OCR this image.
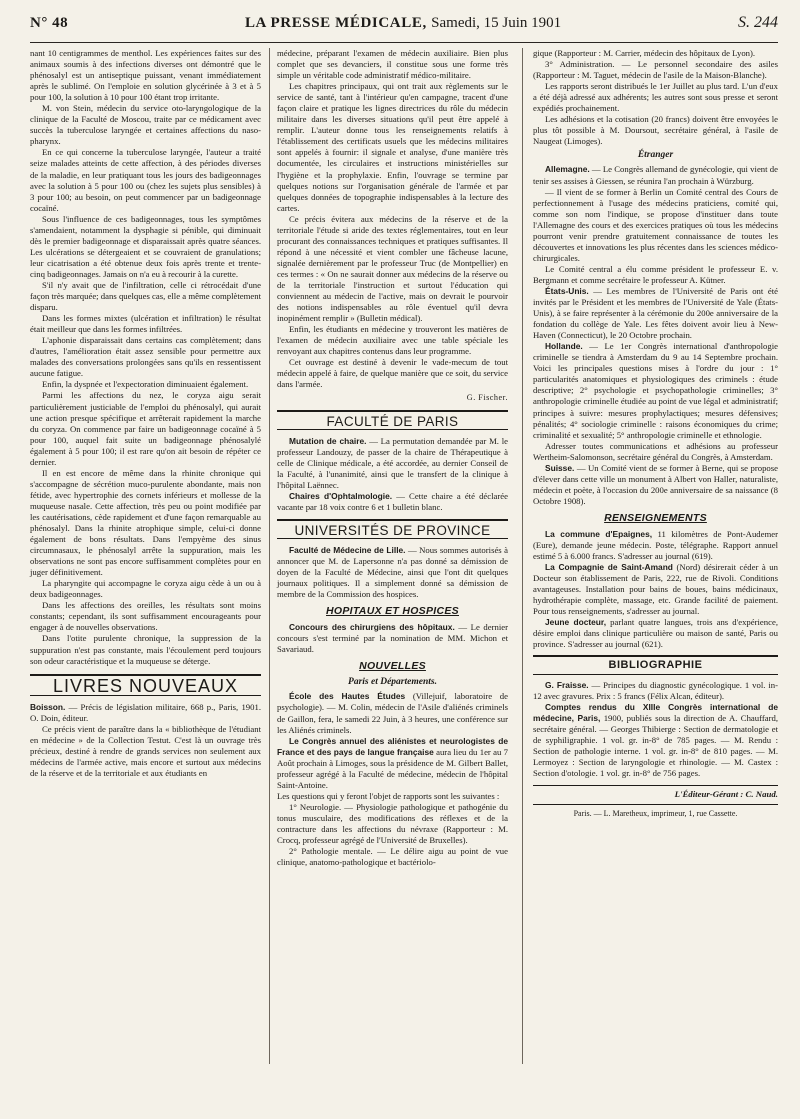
N° 48	LA PRESSE MÉDICALE, Samedi, 15 Juin 1901	S. 244

nant 10 centigrammes de menthol. Les expériences faites sur des animaux soumis à des infections diverses ont démontré que le phénosalyl est un antiseptique puissant, venant immédiatement après le sublimé. On l'emploie en solution glycérinée à 3 et à 5 pour 100, la solution à 10 pour 100 étant trop irritante.

M. von Stein, médecin du service oto-laryngologique de la clinique de la Faculté de Moscou, traite par ce médicament avec succès la tuberculose laryngée et certaines affections du naso-pharynx.

En ce qui concerne la tuberculose laryngée, l'auteur a traité seize malades atteints de cette affection, à des périodes diverses de la maladie, en leur pratiquant tous les jours des badigeonnages avec la solution à 5 pour 100 ou (chez les sujets plus sensibles) à 3 pour 100; au besoin, on peut commencer par un badigeonnage cocaïné.

Sous l'influence de ces badigeonnages, tous les symptômes s'amendaient, notamment la dysphagie si pénible, qui diminuait dès le premier badigeonnage et disparaissait après quatre séances. Les ulcérations se détergeaient et se couvraient de granulations; leur cicatrisation a été obtenue deux fois après trente et trente-cinq badigeonnages. Jamais on n'a eu à recourir à la curette.

S'il n'y avait que de l'infiltration, celle ci rétrocédait d'une façon très marquée; dans quelques cas, elle a même complètement disparu.

Dans les formes mixtes (ulcération et infiltration) le résultat était meilleur que dans les formes infiltrées.

L'aphonie disparaissait dans certains cas complètement; dans d'autres, l'amélioration était assez sensible pour permettre aux malades des conversations prolongées sans qu'ils en ressentissent aucune fatigue.

Enfin, la dyspnée et l'expectoration diminuaient également.

Parmi les affections du nez, le coryza aigu serait particulièrement justiciable de l'emploi du phénosalyl, qui aurait une action presque spécifique et arrêterait rapidement la marche du coryza. On commence par faire un badigeonnage cocaïné à 5 pour 100, auquel fait suite un badigeonnage phénosalylé également à 5 pour 100; il est rare qu'on ait besoin de répéter ce dernier.

Il en est encore de même dans la rhinite chronique qui s'accompagne de sécrétion muco-purulente abondante, mais non fétide, avec hypertrophie des cornets inférieurs et mollesse de la muqueuse nasale. Cette affection, très peu ou point modifiée par les cautérisations, cède rapidement et d'une façon remarquable au phénosalyl. Dans la rhinite atrophique simple, celui-ci donne également de bons résultats. Dans l'empyème des sinus circumnasaux, le phénosalyl arrête la suppuration, mais les observations ne sont pas encore suffisamment complètes pour en juger définitivement.

La pharyngite qui accompagne le coryza aigu cède à un ou à deux badigeonnages.

Dans les affections des oreilles, les résultats sont moins constants; cependant, ils sont suffisamment encourageants pour engager à de nouvelles observations.

Dans l'otite purulente chronique, la suppression de la suppuration n'est pas constante, mais l'écoulement perd toujours son odeur caractéristique et la muqueuse se déterge.

LIVRES NOUVEAUX

Boisson. — Précis de législation militaire, 668 p., Paris, 1901. O. Doin, éditeur.

Ce précis vient de paraître dans la « bibliothèque de l'étudiant en médecine » de la Collection Testut. C'est là un ouvrage très précieux, destiné à rendre de grands services non seulement aux médecins de l'armée active, mais encore et surtout aux médecins de la réserve et de la territoriale et aux étudiants en

médecine, préparant l'examen de médecin auxiliaire. Bien plus complet que ses devanciers, il constitue sous une forme très simple un véritable code administratif médico-militaire.

Les chapitres principaux, qui ont trait aux règlements sur le service de santé, tant à l'intérieur qu'en campagne, tracent d'une façon claire et pratique les lignes directrices du rôle du médecin militaire dans les diverses situations qu'il peut être appelé à remplir. L'auteur donne tous les renseignements relatifs à l'établissement des certificats usuels que les médecins militaires sont appelés à fournir: il signale et analyse, d'une manière très documentée, les circulaires et instructions ministérielles sur l'hygiène et la prophylaxie. Enfin, l'ouvrage se termine par quelques notions sur l'organisation générale de l'armée et par quelques données de topographie indispensables à la lecture des cartes.

Ce précis évitera aux médecins de la réserve et de la territoriale l'étude si aride des textes réglementaires, tout en leur procurant des connaissances techniques et pratiques suffisantes. Il répond à une nécessité et vient combler une fâcheuse lacune, signalée dernièrement par le professeur Truc (de Montpellier) en ces termes : « On ne saurait donner aux médecins de la réserve ou de la territoriale l'instruction et surtout l'éducation qui conviennent au médecin de l'active, mais on devrait le pourvoir des notions indispensables au rôle éventuel qu'il devra inopinément remplir » (Bulletin médical).

Enfin, les étudiants en médecine y trouveront les matières de l'examen de médecin auxiliaire avec une table spéciale les renvoyant aux chapitres contenus dans leur programme.

Cet ouvrage est destiné à devenir le vade-mecum de tout médecin appelé à faire, de quelque manière que ce soit, du service dans l'armée.

G. Fischer.
FACULTÉ DE PARIS

Mutation de chaire. — La permutation demandée par M. le professeur Landouzy, de passer de la chaire de Thérapeutique à celle de Clinique médicale, a été accordée, au dernier Conseil de la Faculté, à l'unanimité, ainsi que le transfert de la clinique à l'hôpital Laënnec.

Chaires d'Ophtalmologie. — Cette chaire a été déclarée vacante par 18 voix contre 6 et 1 bulletin blanc.

UNIVERSITÉS DE PROVINCE

Faculté de Médecine de Lille. — Nous sommes autorisés à annoncer que M. de Lapersonne n'a pas donné sa démission de doyen de la Faculté de Médecine, ainsi que l'ont dit quelques journaux politiques. Il a simplement donné sa démission de membre de la Commission des hospices.

HOPITAUX ET HOSPICES

Concours des chirurgiens des hôpitaux. — Le dernier concours s'est terminé par la nomination de MM. Michon et Savariaud.

NOUVELLES
Paris et Départements.

École des Hautes Études (Villejuif, laboratoire de psychologie). — M. Colin, médecin de l'Asile d'aliénés criminels de Gaillon, fera, le samedi 22 Juin, à 3 heures, une conférence sur les Aliénés criminels.

Le Congrès annuel des aliénistes et neurologistes de France et des pays de langue française aura lieu du 1er au 7 Août prochain à Limoges, sous la présidence de M. Gilbert Ballet, professeur agrégé à la Faculté de médecine, médecin de l'hôpital Saint-Antoine.

Les questions qui y feront l'objet de rapports sont les suivantes :

1° Neurologie. — Physiologie pathologique et pathogénie du tonus musculaire, des modifications des réflexes et de la contracture dans les affections du névraxe (Rapporteur : M. Crocq, professeur agrégé de l'Université de Bruxelles).

2° Pathologie mentale. — Le délire aigu au point de vue clinique, anatomo-pathologique et bactériolo-

gique (Rapporteur : M. Carrier, médecin des hôpitaux de Lyon).

3° Administration. — Le personnel secondaire des asiles (Rapporteur : M. Taguet, médecin de l'asile de la Maison-Blanche).

Les rapports seront distribués le 1er Juillet au plus tard. L'un d'eux a été déjà adressé aux adhérents; les autres sont sous presse et seront expédiés prochainement.

Les adhésions et la cotisation (20 francs) doivent être envoyées le plus tôt possible à M. Doursout, secrétaire général, à l'asile de Naugeat (Limoges).

Étranger

Allemagne. — Le Congrès allemand de gynécologie, qui vient de tenir ses assises à Giessen, se réunira l'an prochain à Würzburg.

— Il vient de se former à Berlin un Comité central des Cours de perfectionnement à l'usage des médecins praticiens, comité qui, comme son nom l'indique, se propose d'instituer dans toute l'Allemagne des cours et des exercices pratiques où tous les médecins pourront venir prendre gratuitement connaissance de toutes les découvertes et innovations les plus récentes dans les sciences médico-chirurgicales.

Le Comité central a élu comme président le professeur E. v. Bergmann et comme secrétaire le professeur A. Kütner.

États-Unis. — Les membres de l'Université de Paris ont été invités par le Président et les membres de l'Université de Yale (États-Unis), à se faire représenter à la cérémonie du 200e anniversaire de la fondation du collège de Yale. Les fêtes doivent avoir lieu à New-Haven (Connecticut), le 20 Octobre prochain.

Hollande. — Le 1er Congrès international d'anthropologie criminelle se tiendra à Amsterdam du 9 au 14 Septembre prochain. Voici les principales questions mises à l'ordre du jour : 1° particularités anatomiques et physiologiques des criminels : étude descriptive; 2° psychologie et psychopathologie criminelles; 3° anthropologie criminelle étudiée au point de vue légal et administratif; principes à suivre: mesures prophylactiques; mesures défensives; pénalités; 4° sociologie criminelle : raisons économiques du crime; criminalité et sexualité; 5° anthropologie criminelle et ethnologie.

Adresser toutes communications et adhésions au professeur Wertheim-Salomonson, secrétaire général du Congrès, à Amsterdam.

Suisse. — Un Comité vient de se former à Berne, qui se propose d'élever dans cette ville un monument à Albert von Haller, naturaliste, médecin et poète, à l'occasion du 200e anniversaire de sa naissance (8 Octobre 1908).

RENSEIGNEMENTS

La commune d'Epaignes, 11 kilomètres de Pont-Audemer (Eure), demande jeune médecin. Poste, télégraphe. Rapport annuel estimé 5 à 6.000 francs. S'adresser au journal (619).

La Compagnie de Saint-Amand (Nord) désirerait céder à un Docteur son établissement de Paris, 222, rue de Rivoli. Conditions avantageuses. Installation pour bains de boues, bains médicinaux, hydrothérapie complète, massage, etc. Grande facilité de paiement. Pour tous renseignements, s'adresser au journal.

Jeune docteur, parlant quatre langues, trois ans d'expérience, désire emploi dans clinique particulière ou maison de santé, Paris ou province. S'adresser au journal (621).

BIBLIOGRAPHIE

G. Fraisse. — Principes du diagnostic gynécologique. 1 vol. in-12 avec gravures. Prix : 5 francs (Félix Alcan, éditeur).

Comptes rendus du XIIIe Congrès international de médecine, Paris, 1900, publiés sous la direction de A. Chauffard, secrétaire général. — Georges Thibierge : Section de dermatologie et de syphiligraphie. 1 vol. gr. in-8° de 785 pages. — M. Rendu : Section de pathologie interne. 1 vol. gr. in-8° de 810 pages. — M. Lermoyez : Section de laryngologie et rhinologie. — M. Castex : Section d'otologie. 1 vol. gr. in-8° de 756 pages.

L'Éditeur-Gérant : C. Naud.
Paris. — L. Maretheux, imprimeur, 1, rue Cassette.
